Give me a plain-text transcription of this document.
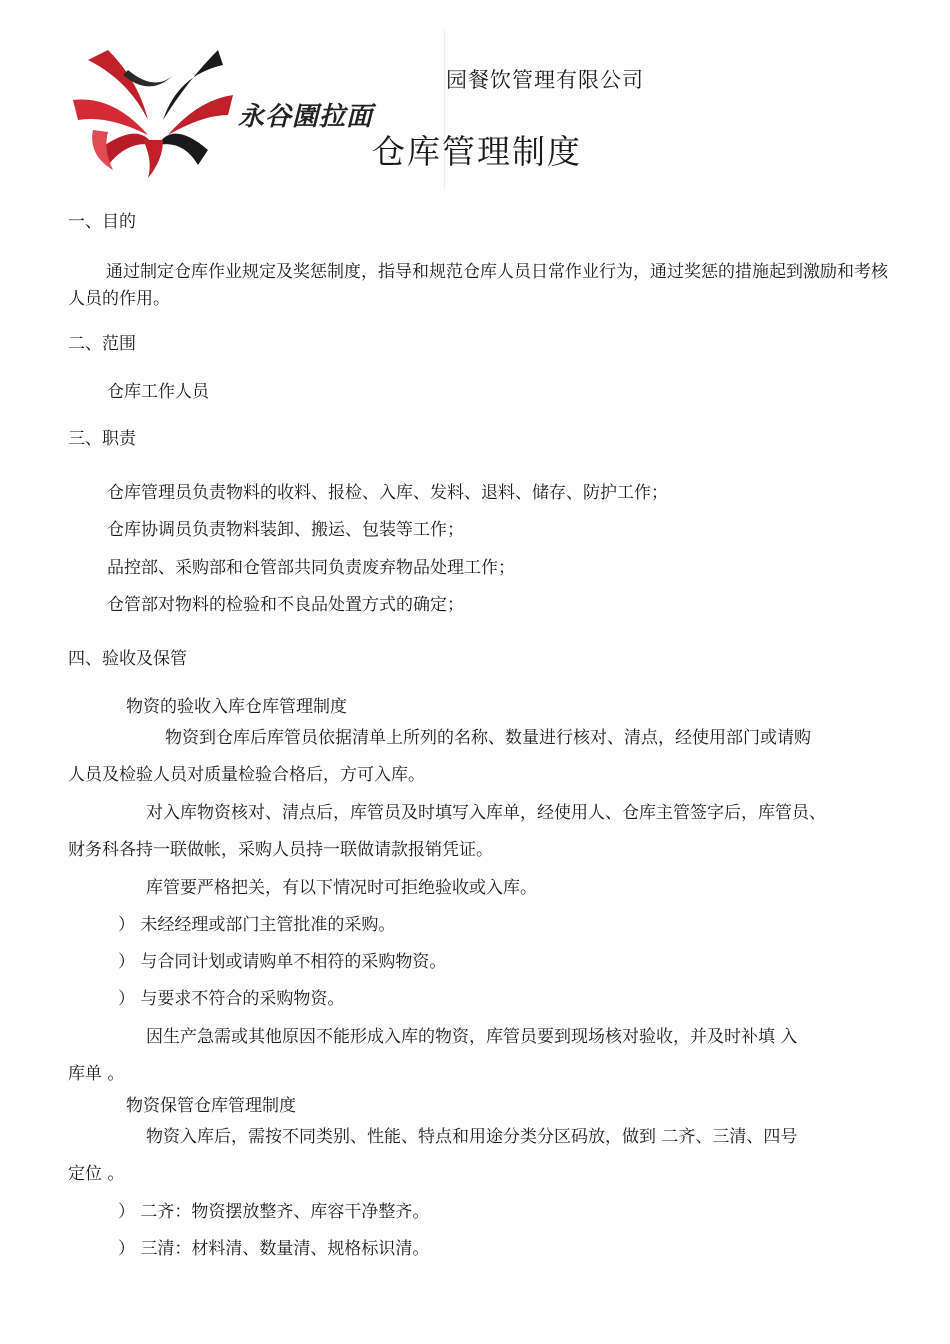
永谷園拉面
园餐饮管理有限公司
仓库管理制度
一、目的
通过制定仓库作业规定及奖惩制度，指导和规范仓库人员日常作业行为，通过奖惩的措施起到激励和考核人员的作用。
二、范围
仓库工作人员
三、职责
仓库管理员负责物料的收料、报检、入库、发料、退料、储存、防护工作；
仓库协调员负责物料装卸、搬运、包装等工作；
品控部、采购部和仓管部共同负责废弃物品处理工作；
仓管部对物料的检验和不良品处置方式的确定；
四、验收及保管
物资的验收入库仓库管理制度
物资到仓库后库管员依据清单上所列的名称、数量进行核对、清点，经使用部门或请购
人员及检验人员对质量检验合格后，方可入库。
对入库物资核对、清点后，库管员及时填写入库单，经使用人、仓库主管签字后，库管员、
财务科各持一联做帐，采购人员持一联做请款报销凭证。
库管要严格把关，有以下情况时可拒绝验收或入库。
） 未经经理或部门主管批准的采购。
） 与合同计划或请购单不相符的采购物资。
） 与要求不符合的采购物资。
因生产急需或其他原因不能形成入库的物资，库管员要到现场核对验收，并及时补填 入
库单 。
物资保管仓库管理制度
物资入库后，需按不同类别、性能、特点和用途分类分区码放，做到 二齐、三清、四号
定位 。
） 二齐：物资摆放整齐、库容干净整齐。
） 三清：材料清、数量清、规格标识清。
